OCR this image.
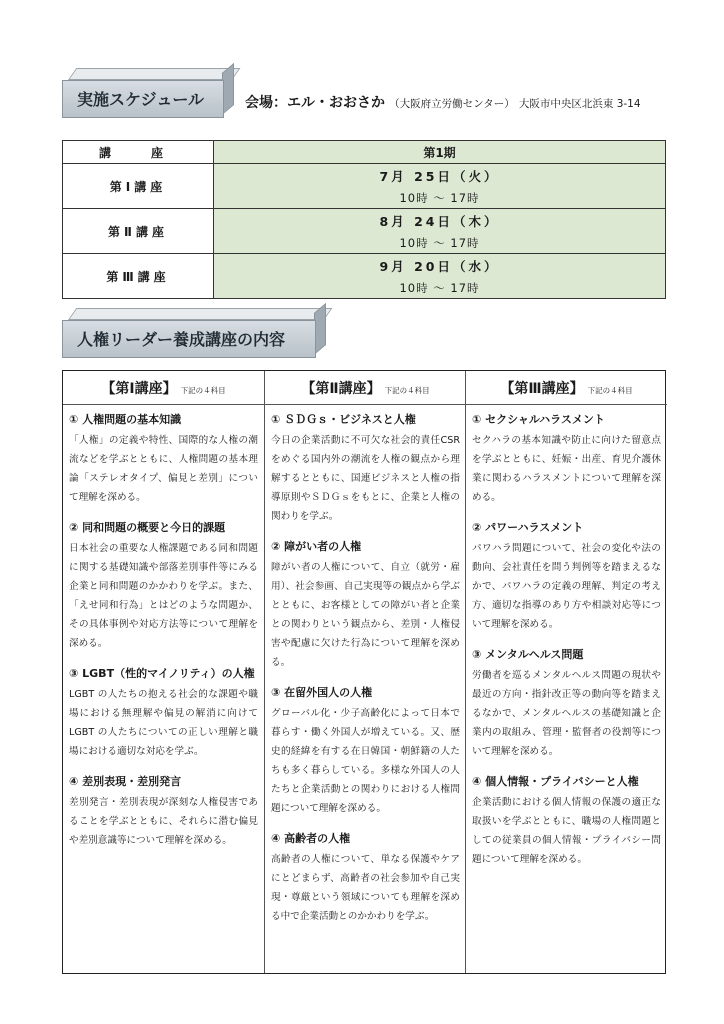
実施スケジュール	会場：エル・おおさか （大阪府立労働センター） 大阪市中央区北浜東 3-14
講　座	第1期
第Ⅰ講座	7月 25日（火）
10時 〜 17時

第Ⅱ講座	8月 24日（木）
10時 〜 17時

第Ⅲ講座	9月 20日（水）
10時 〜 17時
人権リーダー養成講座の内容
【第Ⅰ講座】 下記の４科目
① 人権問題の基本知識
「人権」の定義や特性、国際的な人権の潮流などを学ぶとともに、人権問題の基本理論「ステレオタイプ、偏見と差別」について理解を深める。
② 同和問題の概要と今日的課題
日本社会の重要な人権課題である同和問題に関する基礎知識や部落差別事件等にみる企業と同和問題のかかわりを学ぶ。また、「えせ同和行為」とはどのような問題か、その具体事例や対応方法等について理解を深める。
③ LGBT（性的マイノリティ）の人権
LGBT の人たちの抱える社会的な課題や職場における無理解や偏見の解消に向けて LGBT の人たちについての正しい理解と職場における適切な対応を学ぶ。
④ 差別表現・差別発言
差別発言・差別表現が深刻な人権侵害であることを学ぶとともに、それらに潜む偏見や差別意識等について理解を深める。
【第Ⅱ講座】 下記の４科目
① ＳＤＧｓ・ビジネスと人権
今日の企業活動に不可欠な社会的責任CSRをめぐる国内外の潮流を人権の観点から理解するとともに、国連ビジネスと人権の指導原則やＳＤＧｓをもとに、企業と人権の関わりを学ぶ。
② 障がい者の人権
障がい者の人権について、自立（就労・雇用）、社会参画、自己実現等の観点から学ぶとともに、お客様としての障がい者と企業との関わりという観点から、差別・人権侵害や配慮に欠けた行為について理解を深める。
③ 在留外国人の人権
グローバル化・少子高齢化によって日本で暮らす・働く外国人が増えている。又、歴史的経緯を有する在日韓国・朝鮮籍の人たちも多く暮らしている。多様な外国人の人たちと企業活動との関わりにおける人権問題について理解を深める。
④ 高齢者の人権
高齢者の人権について、単なる保護やケアにとどまらず、高齢者の社会参加や自己実現・尊厳という領域についても理解を深める中で企業活動とのかかわりを学ぶ。
【第Ⅲ講座】 下記の４科目
① セクシャルハラスメント
セクハラの基本知識や防止に向けた留意点を学ぶとともに、妊娠・出産、育児介護休業に関わるハラスメントについて理解を深める。
② パワーハラスメント
パワハラ問題について、社会の変化や法の動向、会社責任を問う判例等を踏まえるなかで、パワハラの定義の理解、判定の考え方、適切な指導のあり方や相談対応等について理解を深める。
③ メンタルヘルス問題
労働者を巡るメンタルヘルス問題の現状や最近の方向・指針改正等の動向等を踏まえるなかで、メンタルヘルスの基礎知識と企業内の取組み、管理・監督者の役割等について理解を深める。
④ 個人情報・プライバシーと人権
企業活動における個人情報の保護の適正な取扱いを学ぶとともに、職場の人権問題としての従業員の個人情報・プライバシー問題について理解を深める。
